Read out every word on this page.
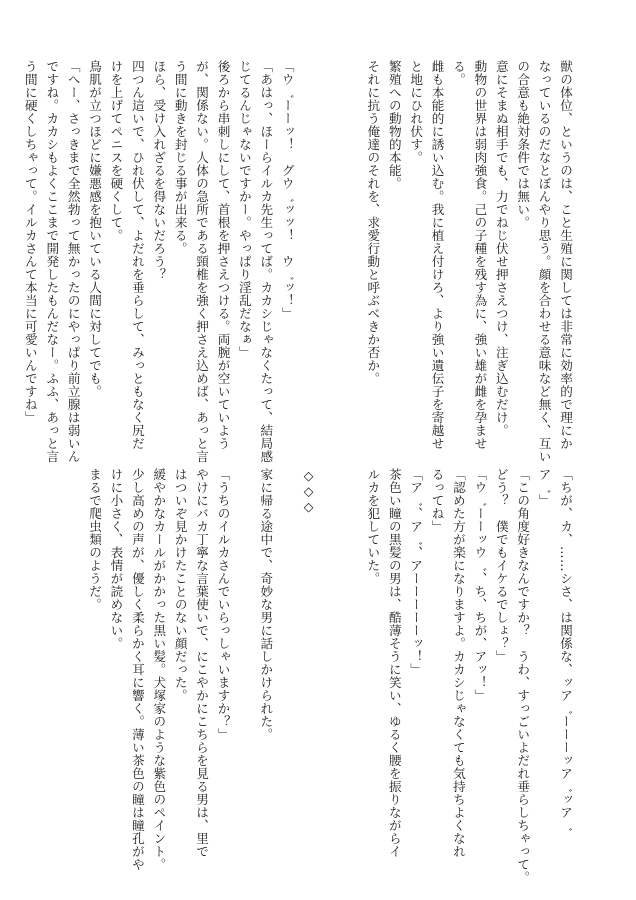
獣の体位、というのは、こと生殖に関しては非常に効率的で理にか

なっているのだなとぼんやり思う。顔を合わせる意味など無く、互い

の合意も絶対条件では無い。

意にそまぬ相手でも、力でねじ伏せ押さえつけ、注ぎ込むだけ。

動物の世界は弱肉強食。己の子種を残す為に、強い雄が雌を孕ませ

る。

雌も本能的に誘い込む。我に植え付けろ、より強い遺伝子を寄越せ

と地にひれ伏す。

繁殖への動物的本能。

それに抗う俺達のそれを、求愛行動と呼ぶべきか否か。

「ウ゛ーーッ！　グウ゛ッッ！　ウ゛ッ！」

「あはっ、ほーらイルカ先生ってば。カカシじゃなくたって、結局感

じてるんじゃないですかー。やっぱり淫乱だなぁ」

後ろから串刺しにして、首根を押さえつける。両腕が空いていよう

が、関係ない。人体の急所である頸椎を強く押さえ込めば、あっと言

う間に動きを封じる事が出来る。

ほら、受け入れざるを得ないだろう？

四つん這いで、ひれ伏して、よだれを垂らして、みっともなく尻だ

けを上げてペニスを硬くして。

鳥肌が立つほどに嫌悪感を抱いている人間に対してでも。

「へー、さっきまで全然勃って無かったのにやっぱり前立腺は弱いん

ですね。カカシもよくここまで開発したもんだなー。ふふ、あっと言

う間に硬くしちゃって。イルカさんて本当に可愛いんですね」

「ちが、カ、……シさ、は関係な、ッア゛ーーーッア゛ッア゛

ア゛」

「この角度好きなんですか？　うわ、すっごいよだれ垂らしちゃって。

どう？　僕でもイケるでしょ？」

「ウ゛ーーッウ゛、ち、ちが、アッ！」

「認めた方が楽になりますよ。カカシじゃなくても気持ちよくなれ

るってね」

「ア゛、ア゛、アーーーーーッ！」

茶色い瞳の黒髪の男は、酷薄そうに笑い、ゆるく腰を振りながらイ

ルカを犯していた。

◇◇◇

家に帰る途中で、奇妙な男に話しかけられた。

「うちのイルカさんでいらっしゃいますか？」

やけにバカ丁寧な言葉使いで、にこやかにこちらを見る男は、里で

はついぞ見かけたことのない顔だった。

緩やかなカールがかかった黒い髪。犬塚家のような紫色のペイント。

少し高めの声が、優しく柔らかく耳に響く。薄い茶色の瞳は瞳孔がや

けに小さく、表情が読めない。

まるで爬虫類のようだ。
